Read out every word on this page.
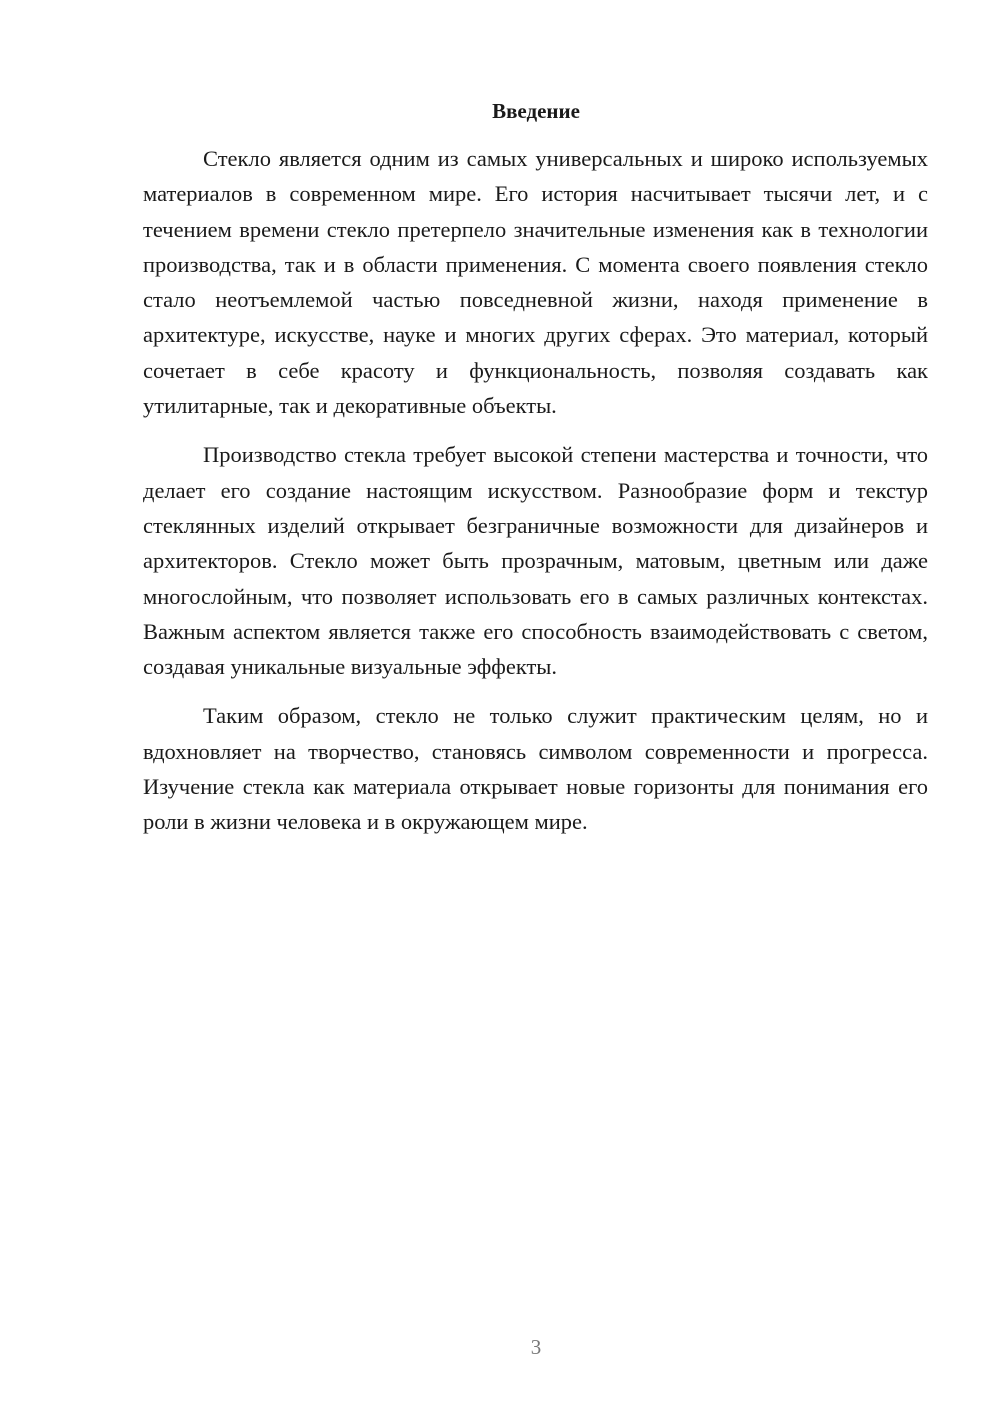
Введение

Стекло является одним из самых универсальных и широко используемых материалов в современном мире. Его история насчитывает тысячи лет, и с течением времени стекло претерпело значительные изменения как в технологии производства, так и в области применения. С момента своего появления стекло стало неотъемлемой частью повседневной жизни, находя применение в архитектуре, искусстве, науке и многих других сферах. Это материал, который сочетает в себе красоту и функциональность, позволяя создавать как утилитарные, так и декоративные объекты.

Производство стекла требует высокой степени мастерства и точности, что делает его создание настоящим искусством. Разнообразие форм и текстур стеклянных изделий открывает безграничные возможности для дизайнеров и архитекторов. Стекло может быть прозрачным, матовым, цветным или даже многослойным, что позволяет использовать его в самых различных контекстах. Важным аспектом является также его способность взаимодействовать с светом, создавая уникальные визуальные эффекты.

Таким образом, стекло не только служит практическим целям, но и вдохновляет на творчество, становясь символом современности и прогресса. Изучение стекла как материала открывает новые горизонты для понимания его роли в жизни человека и в окружающем мире.

3
